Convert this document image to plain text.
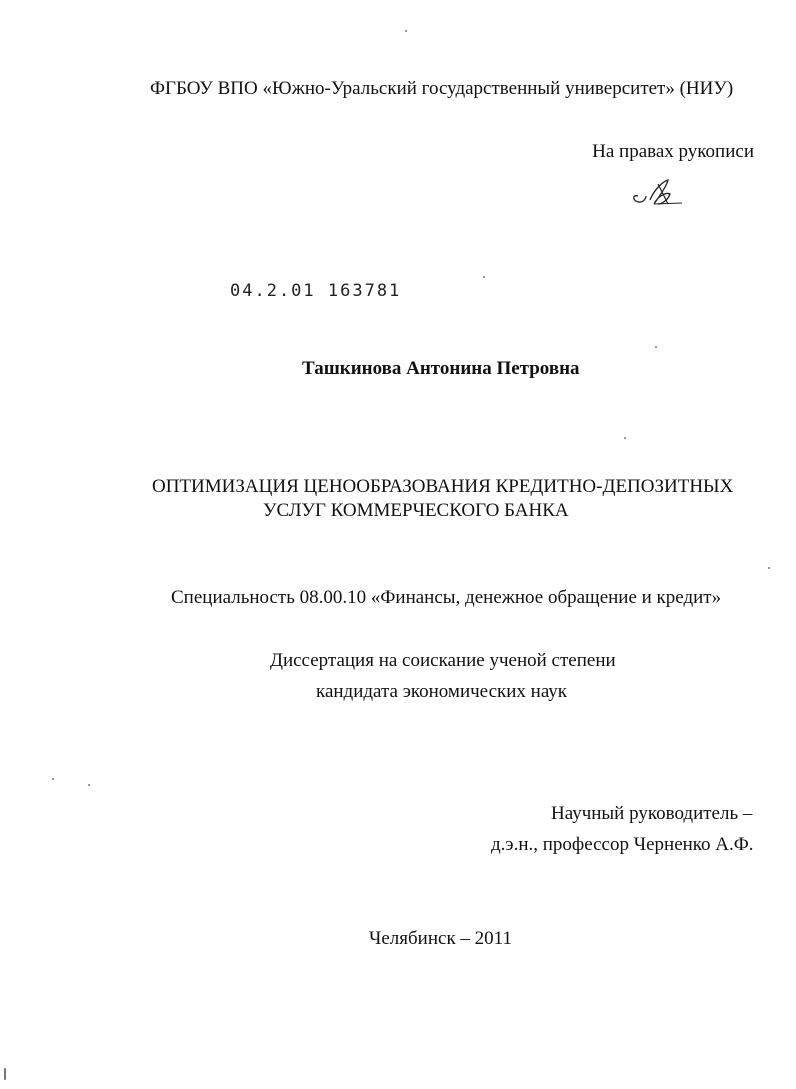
ФГБОУ ВПО «Южно-Уральский государственный университет» (НИУ)
На правах рукописи
04.2.01 163781
Ташкинова Антонина Петровна
ОПТИМИЗАЦИЯ ЦЕНООБРАЗОВАНИЯ КРЕДИТНО-ДЕПОЗИТНЫХ
УСЛУГ КОММЕРЧЕСКОГО БАНКА
Специальность 08.00.10 «Финансы, денежное обращение и кредит»
Диссертация на соискание ученой степени
кандидата экономических наук
Научный руководитель –
д.э.н., профессор Черненко А.Ф.
Челябинск – 2011
